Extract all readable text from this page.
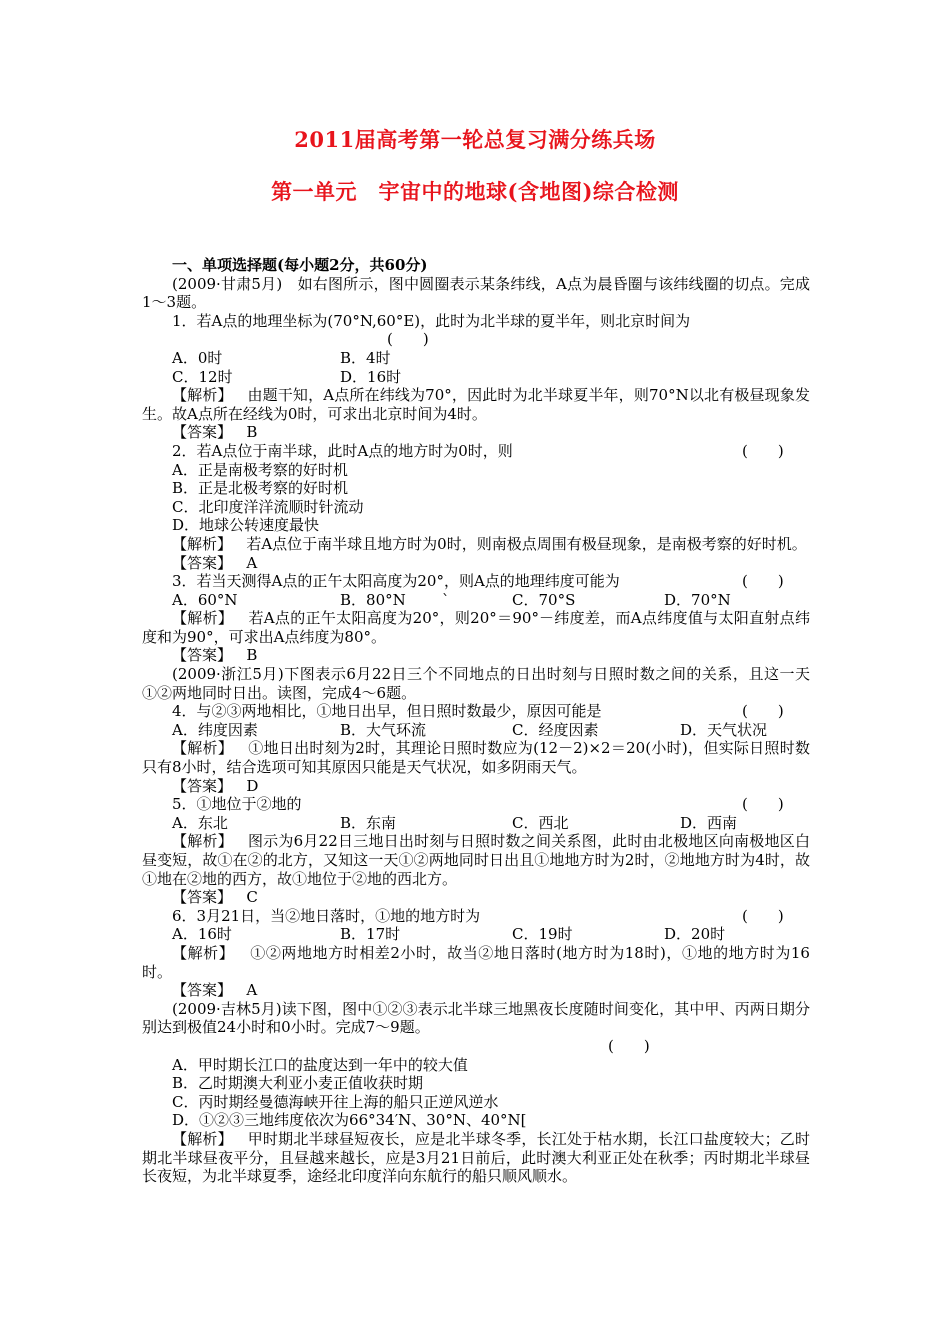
2011届高考第一轮总复习满分练兵场
第一单元　宇宙中的地球(含地图)综合检测
一、单项选择题(每小题2分，共60分)
(2009·甘肃5月)　如右图所示，图中圆圈表示某条纬线，A点为晨昏圈与该纬线圈的切点。完成1～3题。
1．若A点的地理坐标为(70°N,60°E)，此时为北半球的夏半年，则北京时间为
(　　)
A．0时	B．4时
C．12时	D．16时
【解析】 由题干知，A点所在纬线为70°，因此时为北半球夏半年，则70°N以北有极昼现象发生。故A点所在经线为0时，可求出北京时间为4时。
【答案】 B
2．若A点位于南半球，此时A点的地方时为0时，则	(　　)
A．正是南极考察的好时机
B．正是北极考察的好时机
C．北印度洋洋流顺时针流动
D．地球公转速度最快
【解析】 若A点位于南半球且地方时为0时，则南极点周围有极昼现象，是南极考察的好时机。
【答案】 A
3．若当天测得A点的正午太阳高度为20°，则A点的地理纬度可能为	(　　)
A．60°N	B．80°N `	C．70°S	D．70°N
【解析】 若A点的正午太阳高度为20°，则20°＝90°－纬度差，而A点纬度值与太阳直射点纬度和为90°，可求出A点纬度为80°。
【答案】 B
(2009·浙江5月)下图表示6月22日三个不同地点的日出时刻与日照时数之间的关系，且这一天①②两地同时日出。读图，完成4～6题。
4．与②③两地相比，①地日出早，但日照时数最少，原因可能是	(　　)
A．纬度因素	B．大气环流	C．经度因素	D．天气状况
【解析】 ①地日出时刻为2时，其理论日照时数应为(12－2)×2＝20(小时)，但实际日照时数只有8小时，结合选项可知其原因只能是天气状况，如多阴雨天气。
【答案】 D
5．①地位于②地的	(　　)
A．东北	B．东南	C．西北	D．西南
【解析】 图示为6月22日三地日出时刻与日照时数之间关系图，此时由北极地区向南极地区白昼变短，故①在②的北方，又知这一天①②两地同时日出且①地地方时为2时，②地地方时为4时，故①地在②地的西方，故①地位于②地的西北方。
【答案】 C
6．3月21日，当②地日落时，①地的地方时为	(　　)
A．16时	B．17时	C．19时	D．20时
【解析】 ①②两地地方时相差2小时，故当②地日落时(地方时为18时)，①地的地方时为16时。
【答案】 A
(2009·吉林5月)读下图，图中①②③表示北半球三地黑夜长度随时间变化，其中甲、丙两日期分别达到极值24小时和0小时。完成7～9题。
(　　)
A．甲时期长江口的盐度达到一年中的较大值
B．乙时期澳大利亚小麦正值收获时期
C．丙时期经曼德海峡开往上海的船只正逆风逆水
D．①②③三地纬度依次为66°34′N、30°N、40°N[
【解析】 甲时期北半球昼短夜长，应是北半球冬季，长江处于枯水期，长江口盐度较大；乙时期北半球昼夜平分，且昼越来越长，应是3月21日前后，此时澳大利亚正处在秋季；丙时期北半球昼长夜短，为北半球夏季，途经北印度洋向东航行的船只顺风顺水。
